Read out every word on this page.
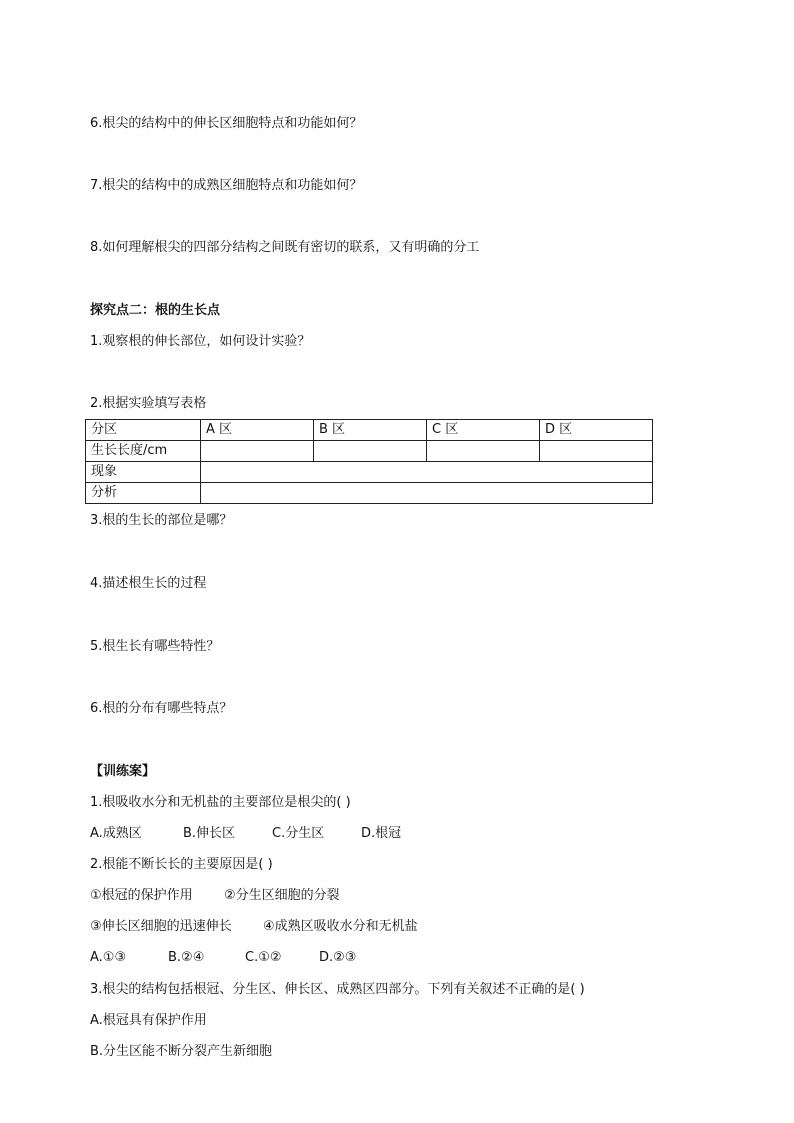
6.根尖的结构中的伸长区细胞特点和功能如何？
7.根尖的结构中的成熟区细胞特点和功能如何？
8.如何理解根尖的四部分结构之间既有密切的联系，又有明确的分工
探究点二：根的生长点
1.观察根的伸长部位，如何设计实验？
2.根据实验填写表格
分区	A 区	B 区	C 区	D 区
生长长度/cm				
现象				
分析				
3.根的生长的部位是哪？
4.描述根生长的过程
5.根生长有哪些特性？
6.根的分布有哪些特点？
【训练案】
1.根吸收水分和无机盐的主要部位是根尖的( )
A.成熟区	B.伸长区	C.分生区	D.根冠
2.根能不断长长的主要原因是( )
①根冠的保护作用 ②分生区细胞的分裂
③伸长区细胞的迅速伸长 ④成熟区吸收水分和无机盐
A.①③	B.②④	C.①②	D.②③
3.根尖的结构包括根冠、分生区、伸长区、成熟区四部分。下列有关叙述不正确的是( )
A.根冠具有保护作用
B.分生区能不断分裂产生新细胞
